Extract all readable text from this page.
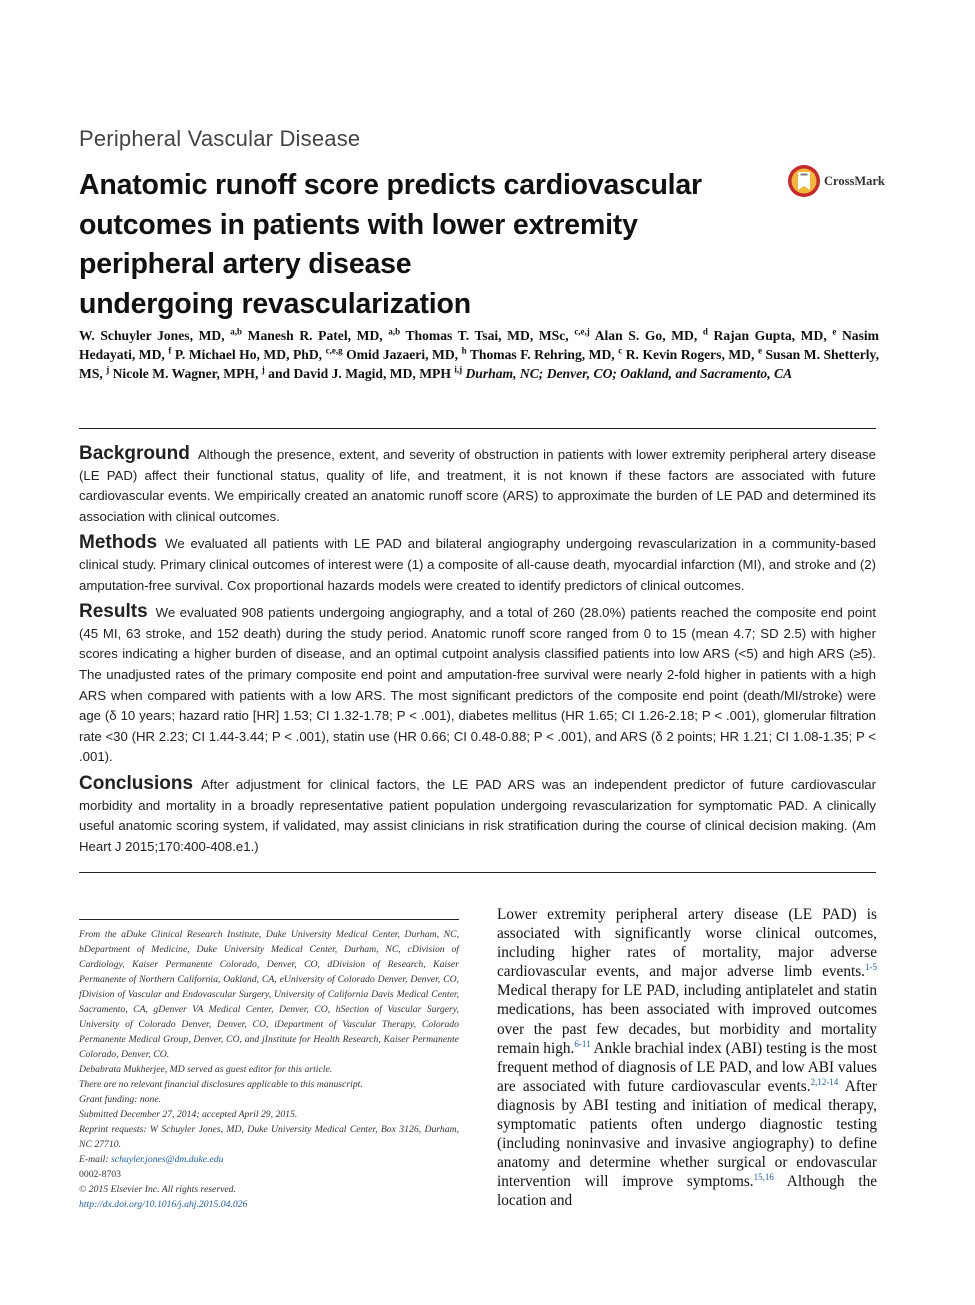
Peripheral Vascular Disease
Anatomic runoff score predicts cardiovascular
outcomes in patients with lower extremity
peripheral artery disease
undergoing revascularization
CrossMark
W. Schuyler Jones, MD, $^{a,b}$ Manesh R. Patel, MD, $^{a,b}$ Thomas T. Tsai, MD, MSc, $^{c,e,j}$ Alan S. Go, MD, $^d$ Rajan Gupta, MD, $^e$ Nasim Hedayati, MD, $^f$ P. Michael Ho, MD, PhD, $^{c,e,g}$ Omid Jazaeri, MD, $^h$ Thomas F. Rehring, MD, $^c$ R. Kevin Rogers, MD, $^e$ Susan M. Shetterly, MS, $^j$ Nicole M. Wagner, MPH, $^j$ and David J. Magid, MD, MPH $^{i,j}$ Durham, NC; Denver, CO; Oakland, and Sacramento, CA

Background Although the presence, extent, and severity of obstruction in patients with lower extremity peripheral artery disease (LE PAD) affect their functional status, quality of life, and treatment, it is not known if these factors are associated with future cardiovascular events. We empirically created an anatomic runoff score (ARS) to approximate the burden of LE PAD and determined its association with clinical outcomes.

Methods We evaluated all patients with LE PAD and bilateral angiography undergoing revascularization in a community-based clinical study. Primary clinical outcomes of interest were (1) a composite of all-cause death, myocardial infarction (MI), and stroke and (2) amputation-free survival. Cox proportional hazards models were created to identify predictors of clinical outcomes.

Results We evaluated 908 patients undergoing angiography, and a total of 260 (28.0%) patients reached the composite end point (45 MI, 63 stroke, and 152 death) during the study period. Anatomic runoff score ranged from 0 to 15 (mean 4.7; SD 2.5) with higher scores indicating a higher burden of disease, and an optimal cutpoint analysis classified patients into low ARS (<5) and high ARS (≥5). The unadjusted rates of the primary composite end point and amputation-free survival were nearly 2-fold higher in patients with a high ARS when compared with patients with a low ARS. The most significant predictors of the composite end point (death/MI/stroke) were age (δ 10 years; hazard ratio [HR] 1.53; CI 1.32-1.78; P < .001), diabetes mellitus (HR 1.65; CI 1.26-2.18; P < .001), glomerular filtration rate <30 (HR 2.23; CI 1.44-3.44; P < .001), statin use (HR 0.66; CI 0.48-0.88; P < .001), and ARS (δ 2 points; HR 1.21; CI 1.08-1.35; P < .001).

Conclusions After adjustment for clinical factors, the LE PAD ARS was an independent predictor of future cardiovascular morbidity and mortality in a broadly representative patient population undergoing revascularization for symptomatic PAD. A clinically useful anatomic scoring system, if validated, may assist clinicians in risk stratification during the course of clinical decision making. (Am Heart J 2015;170:400-408.e1.)

From the aDuke Clinical Research Institute, Duke University Medical Center, Durham, NC, bDepartment of Medicine, Duke University Medical Center, Durham, NC, cDivision of Cardiology, Kaiser Permanente Colorado, Denver, CO, dDivision of Research, Kaiser Permanente of Northern California, Oakland, CA, eUniversity of Colorado Denver, Denver, CO, fDivision of Vascular and Endovascular Surgery, University of California Davis Medical Center, Sacramento, CA, gDenver VA Medical Center, Denver, CO, hSection of Vascular Surgery, University of Colorado Denver, Denver, CO, iDepartment of Vascular Therapy, Colorado Permanente Medical Group, Denver, CO, and jInstitute for Health Research, Kaiser Permanente Colorado, Denver, CO.

Debabrata Mukherjee, MD served as guest editor for this article.

There are no relevant financial disclosures applicable to this manuscript.

Grant funding: none.

Submitted December 27, 2014; accepted April 29, 2015.

Reprint requests: W Schuyler Jones, MD, Duke University Medical Center, Box 3126, Durham, NC 27710.

E-mail: schuyler.jones@dm.duke.edu

0002-8703

© 2015 Elsevier Inc. All rights reserved.

http://dx.doi.org/10.1016/j.ahj.2015.04.026

Lower extremity peripheral artery disease (LE PAD) is associated with significantly worse clinical outcomes, including higher rates of mortality, major adverse cardiovascular events, and major adverse limb events.$^{1-5}$ Medical therapy for LE PAD, including antiplatelet and statin medications, has been associated with improved outcomes over the past few decades, but morbidity and mortality remain high.$^{6-11}$ Ankle brachial index (ABI) testing is the most frequent method of diagnosis of LE PAD, and low ABI values are associated with future cardiovascular events.$^{2,12-14}$ After diagnosis by ABI testing and initiation of medical therapy, symptomatic patients often undergo diagnostic testing (including noninvasive and invasive angiography) to define anatomy and determine whether surgical or endovascular intervention will improve symptoms.$^{15,16}$ Although the location and
